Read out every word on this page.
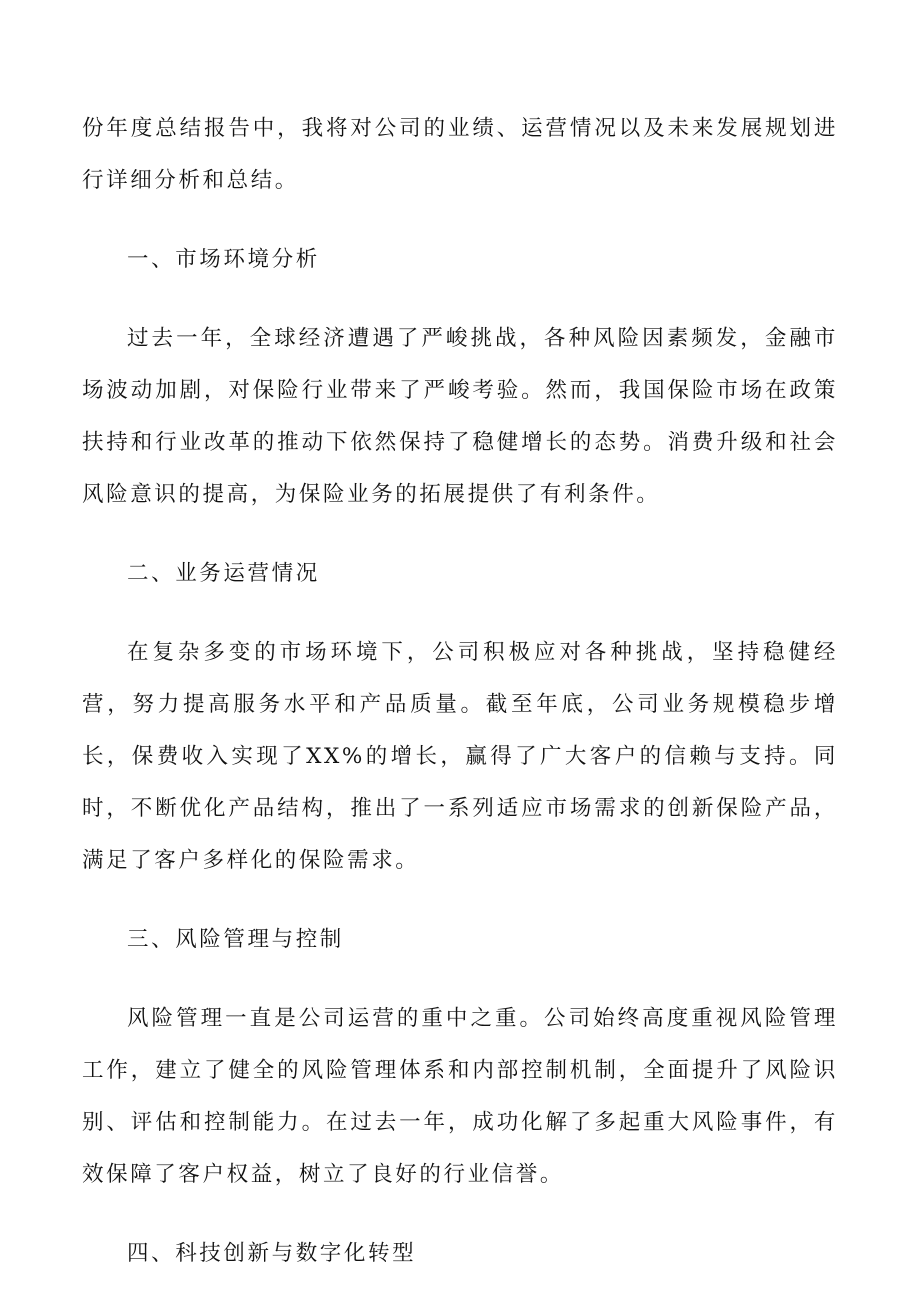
份年度总结报告中，我将对公司的业绩、运营情况以及未来发展规划进行详细分析和总结。

一、市场环境分析

过去一年，全球经济遭遇了严峻挑战，各种风险因素频发，金融市场波动加剧，对保险行业带来了严峻考验。然而，我国保险市场在政策扶持和行业改革的推动下依然保持了稳健增长的态势。消费升级和社会风险意识的提高，为保险业务的拓展提供了有利条件。

二、业务运营情况

在复杂多变的市场环境下，公司积极应对各种挑战，坚持稳健经营，努力提高服务水平和产品质量。截至年底，公司业务规模稳步增长，保费收入实现了XX%的增长，赢得了广大客户的信赖与支持。同时，不断优化产品结构，推出了一系列适应市场需求的创新保险产品，满足了客户多样化的保险需求。

三、风险管理与控制

风险管理一直是公司运营的重中之重。公司始终高度重视风险管理工作，建立了健全的风险管理体系和内部控制机制，全面提升了风险识别、评估和控制能力。在过去一年，成功化解了多起重大风险事件，有效保障了客户权益，树立了良好的行业信誉。

四、科技创新与数字化转型
